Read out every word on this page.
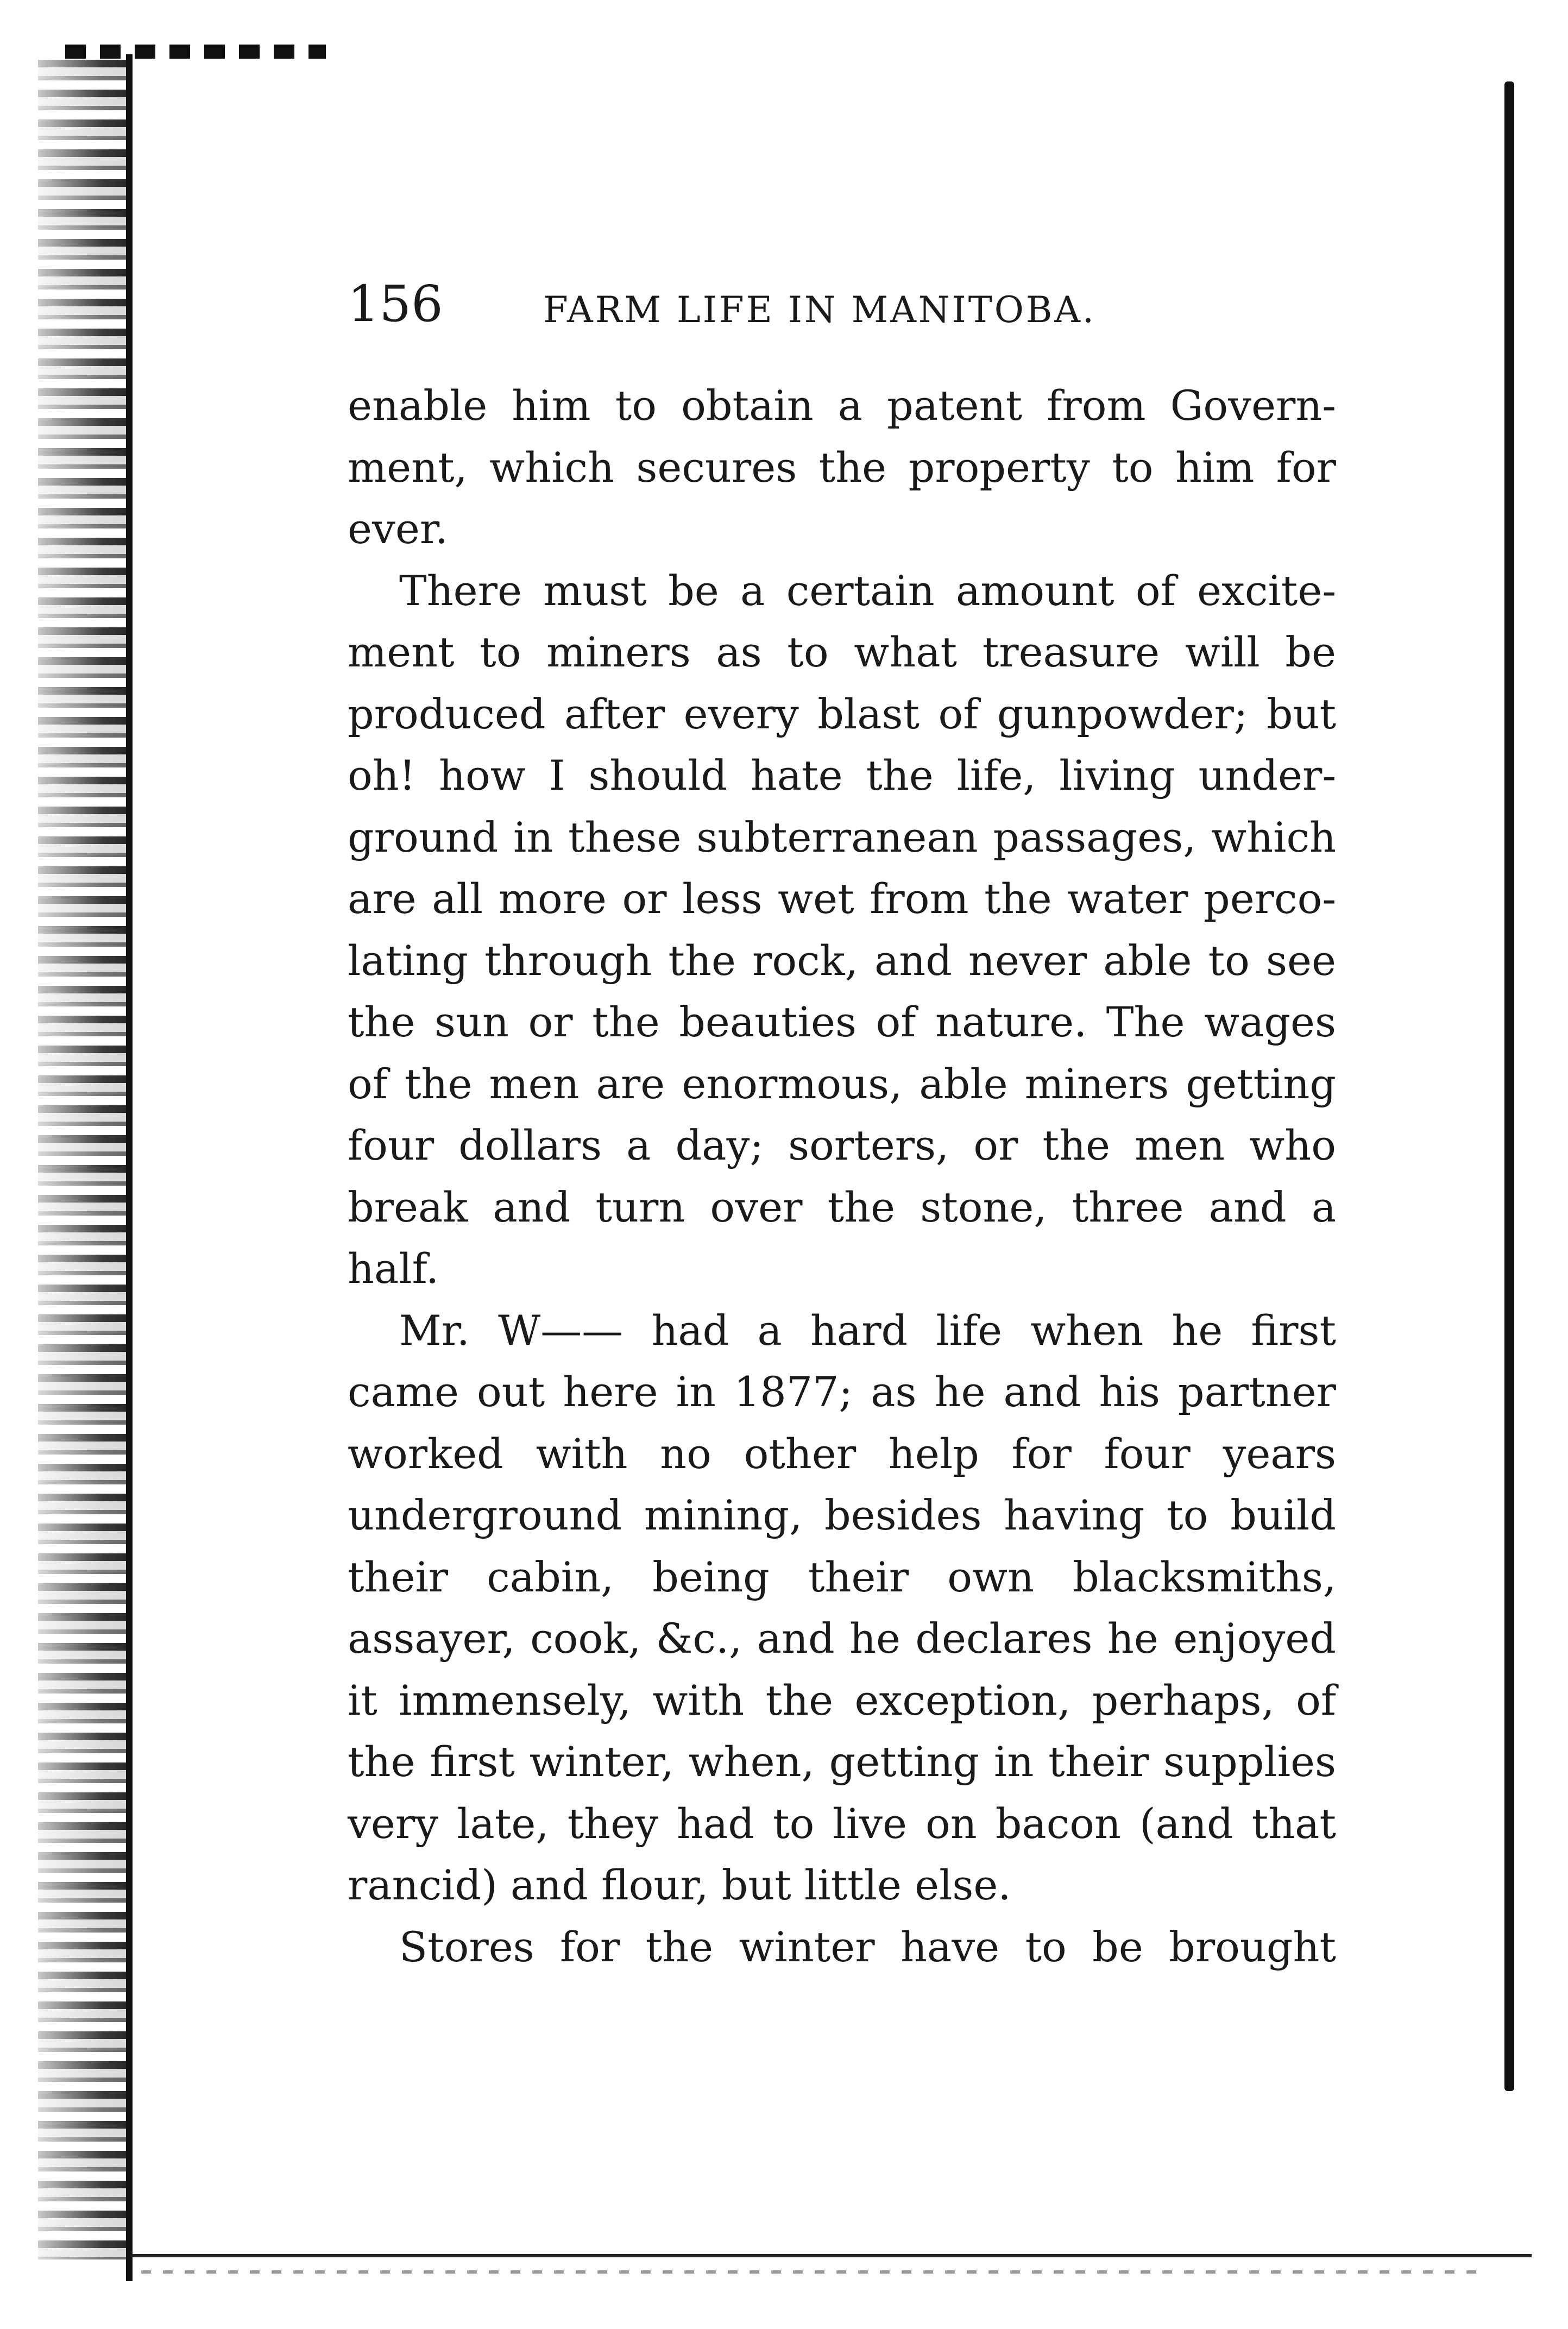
156	FARM LIFE IN MANITOBA.
enable him to obtain a patent from Govern-
ment, which secures the property to him for
ever.
There must be a certain amount of excite-
ment to miners as to what treasure will be
produced after every blast of gunpowder; but
oh! how I should hate the life, living under-
ground in these subterranean passages, which
are all more or less wet from the water perco-
lating through the rock, and never able to see
the sun or the beauties of nature. The wages
of the men are enormous, able miners getting
four dollars a day; sorters, or the men who
break and turn over the stone, three and a
half.
Mr. W—— had a hard life when he first
came out here in 1877; as he and his partner
worked with no other help for four years
underground mining, besides having to build
their cabin, being their own blacksmiths,
assayer, cook, &c., and he declares he enjoyed
it immensely, with the exception, perhaps, of
the first winter, when, getting in their supplies
very late, they had to live on bacon (and that
rancid) and flour, but little else.
Stores for the winter have to be brought
